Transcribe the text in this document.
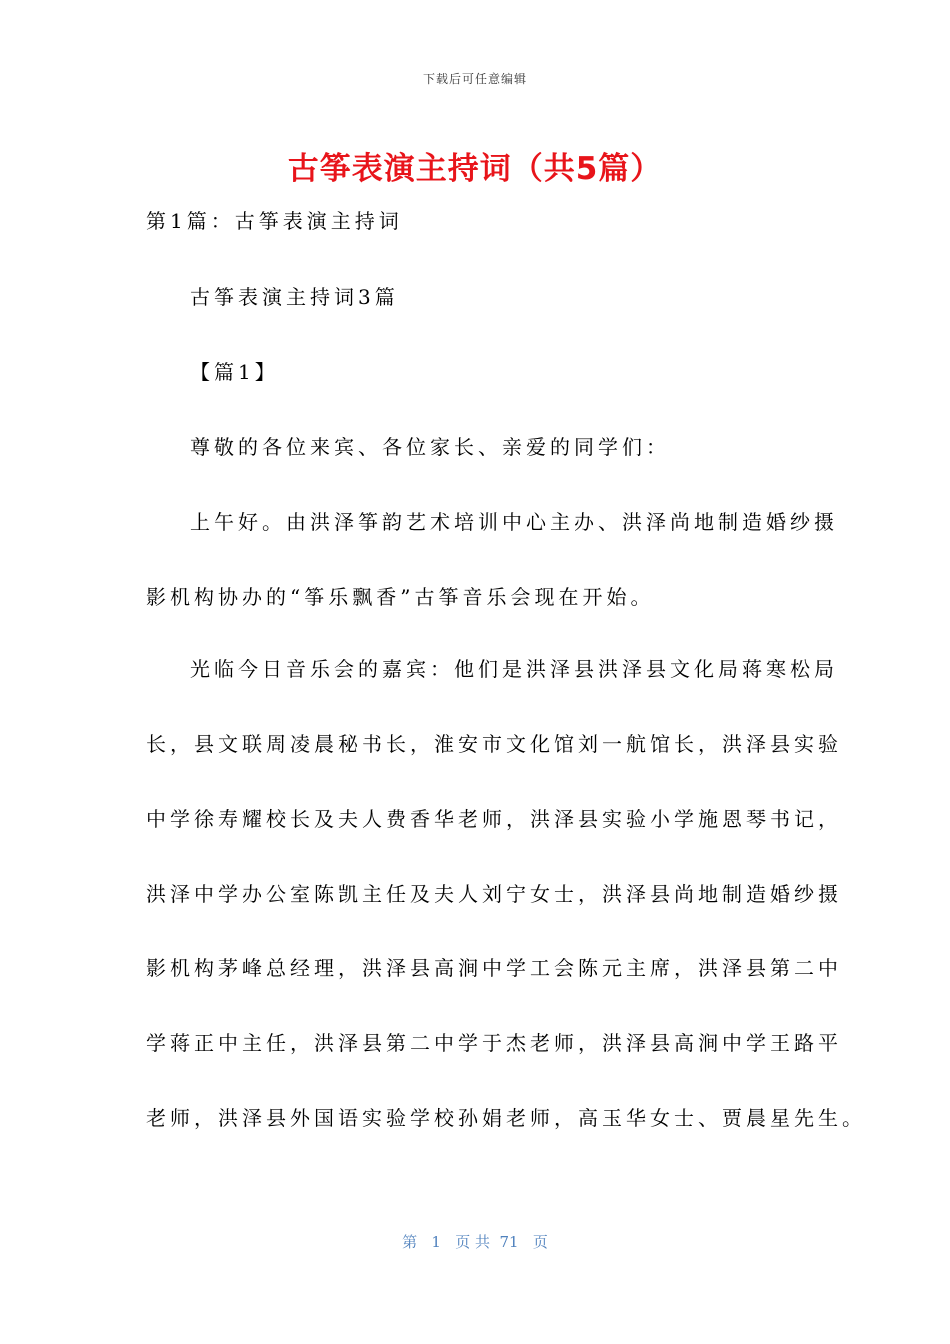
下载后可任意编辑
古筝表演主持词（共5篇）
第1篇：古筝表演主持词
古筝表演主持词3篇
【篇1】
尊敬的各位来宾、各位家长、亲爱的同学们：
上午好。由洪泽筝韵艺术培训中心主办、洪泽尚地制造婚纱摄
影机构协办的“筝乐飘香”古筝音乐会现在开始。
光临今日音乐会的嘉宾：他们是洪泽县洪泽县文化局蒋寒松局
长，县文联周凌晨秘书长，淮安市文化馆刘一航馆长，洪泽县实验
中学徐寿耀校长及夫人费香华老师，洪泽县实验小学施恩琴书记，
洪泽中学办公室陈凯主任及夫人刘宁女士，洪泽县尚地制造婚纱摄
影机构茅峰总经理，洪泽县高涧中学工会陈元主席，洪泽县第二中
学蒋正中主任，洪泽县第二中学于杰老师，洪泽县高涧中学王路平
老师，洪泽县外国语实验学校孙娟老师，高玉华女士、贾晨星先生。
第   1   页 共  71   页
